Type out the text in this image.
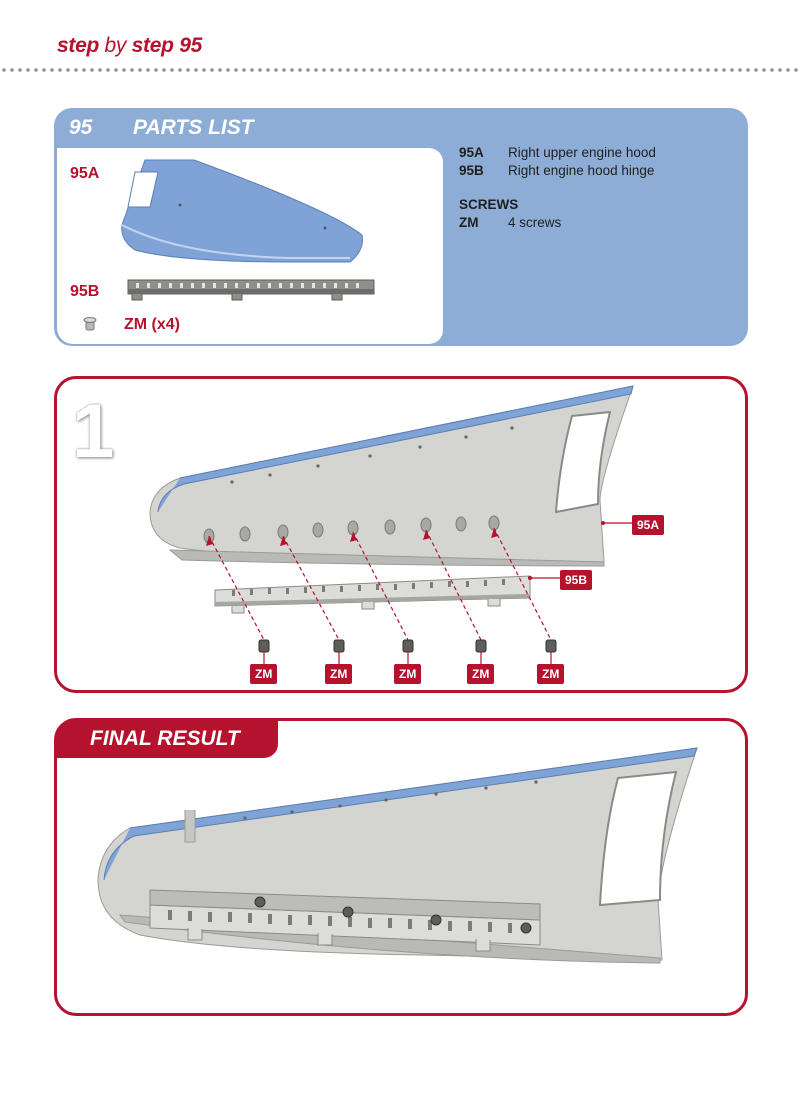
step by step 95
95 PARTS LIST
95A
95B
ZM (x4)
95A	Right upper engine hood
95B	Right engine hood hinge
SCREWS
ZM	4 screws
1
95A
95B
ZM	ZM	ZM	ZM	ZM
FINAL RESULT
